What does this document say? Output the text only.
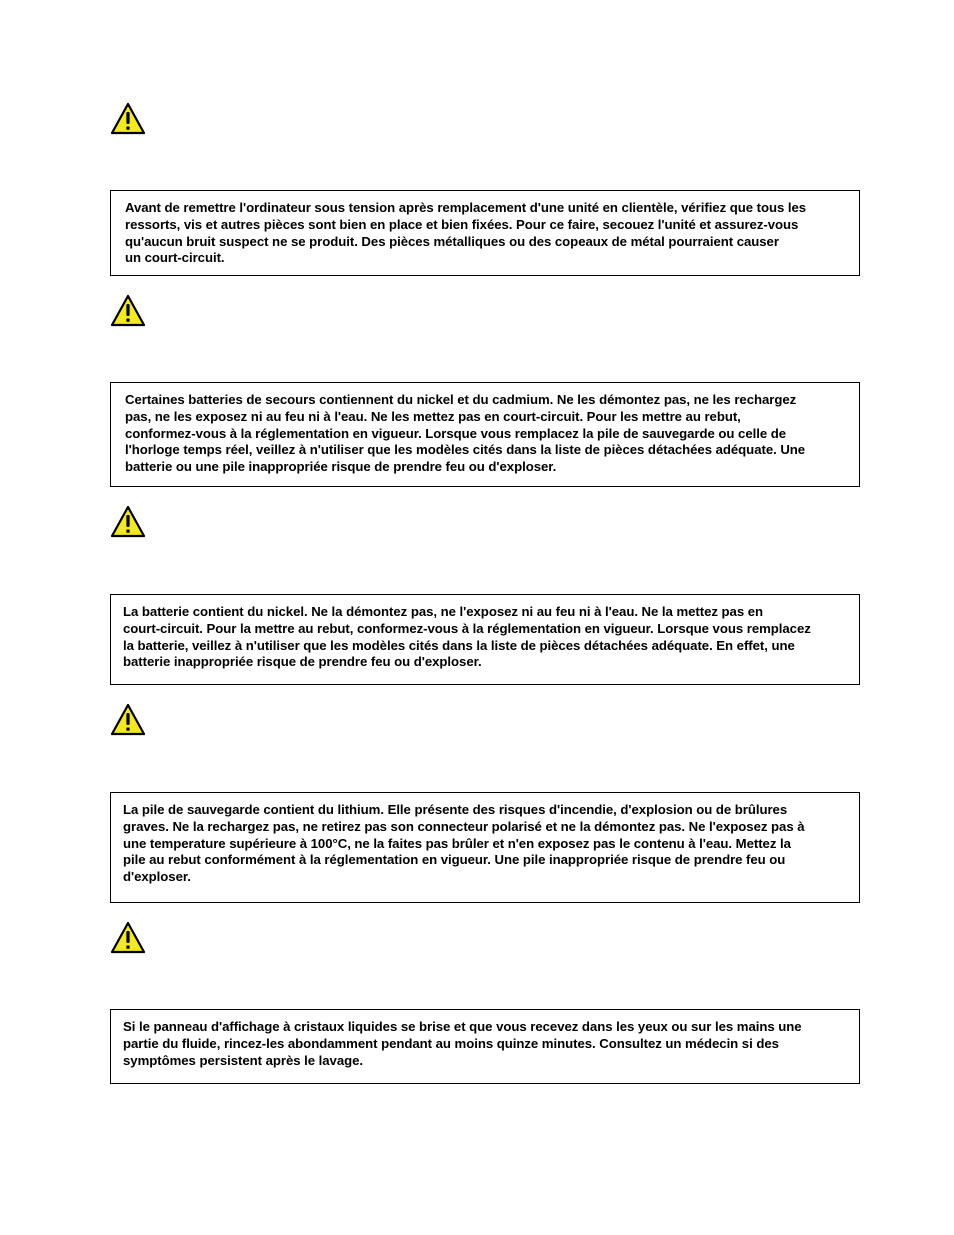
Avant de remettre l'ordinateur sous tension après remplacement d'une unité en clientèle, vérifiez que tous les
ressorts, vis et autres pièces sont bien en place et bien fixées. Pour ce faire, secouez l'unité et assurez-vous
qu'aucun bruit suspect ne se produit. Des pièces métalliques ou des copeaux de métal pourraient causer
un court-circuit.

Certaines batteries de secours contiennent du nickel et du cadmium. Ne les démontez pas, ne les rechargez
pas, ne les exposez ni au feu ni à l'eau. Ne les mettez pas en court-circuit. Pour les mettre au rebut,
conformez-vous à la réglementation en vigueur. Lorsque vous remplacez la pile de sauvegarde ou celle de
l'horloge temps réel, veillez à n'utiliser que les modèles cités dans la liste de pièces détachées adéquate. Une
batterie ou une pile inappropriée risque de prendre feu ou d'exploser.

La batterie contient du nickel. Ne la démontez pas, ne l'exposez ni au feu ni à l'eau. Ne la mettez pas en
court-circuit. Pour la mettre au rebut, conformez-vous à la réglementation en vigueur. Lorsque vous remplacez
la batterie, veillez à n'utiliser que les modèles cités dans la liste de pièces détachées adéquate. En effet, une
batterie inappropriée risque de prendre feu ou d'exploser.

La pile de sauvegarde contient du lithium. Elle présente des risques d'incendie, d'explosion ou de brûlures
graves. Ne la rechargez pas, ne retirez pas son connecteur polarisé et ne la démontez pas. Ne l'exposez pas à
une temperature supérieure à 100°C, ne la faites pas brûler et n'en exposez pas le contenu à l'eau. Mettez la
pile au rebut conformément à la réglementation en vigueur. Une pile inappropriée risque de prendre feu ou
d'exploser.

Si le panneau d'affichage à cristaux liquides se brise et que vous recevez dans les yeux ou sur les mains une
partie du fluide, rincez-les abondamment pendant au moins quinze minutes. Consultez un médecin si des
symptômes persistent après le lavage.
